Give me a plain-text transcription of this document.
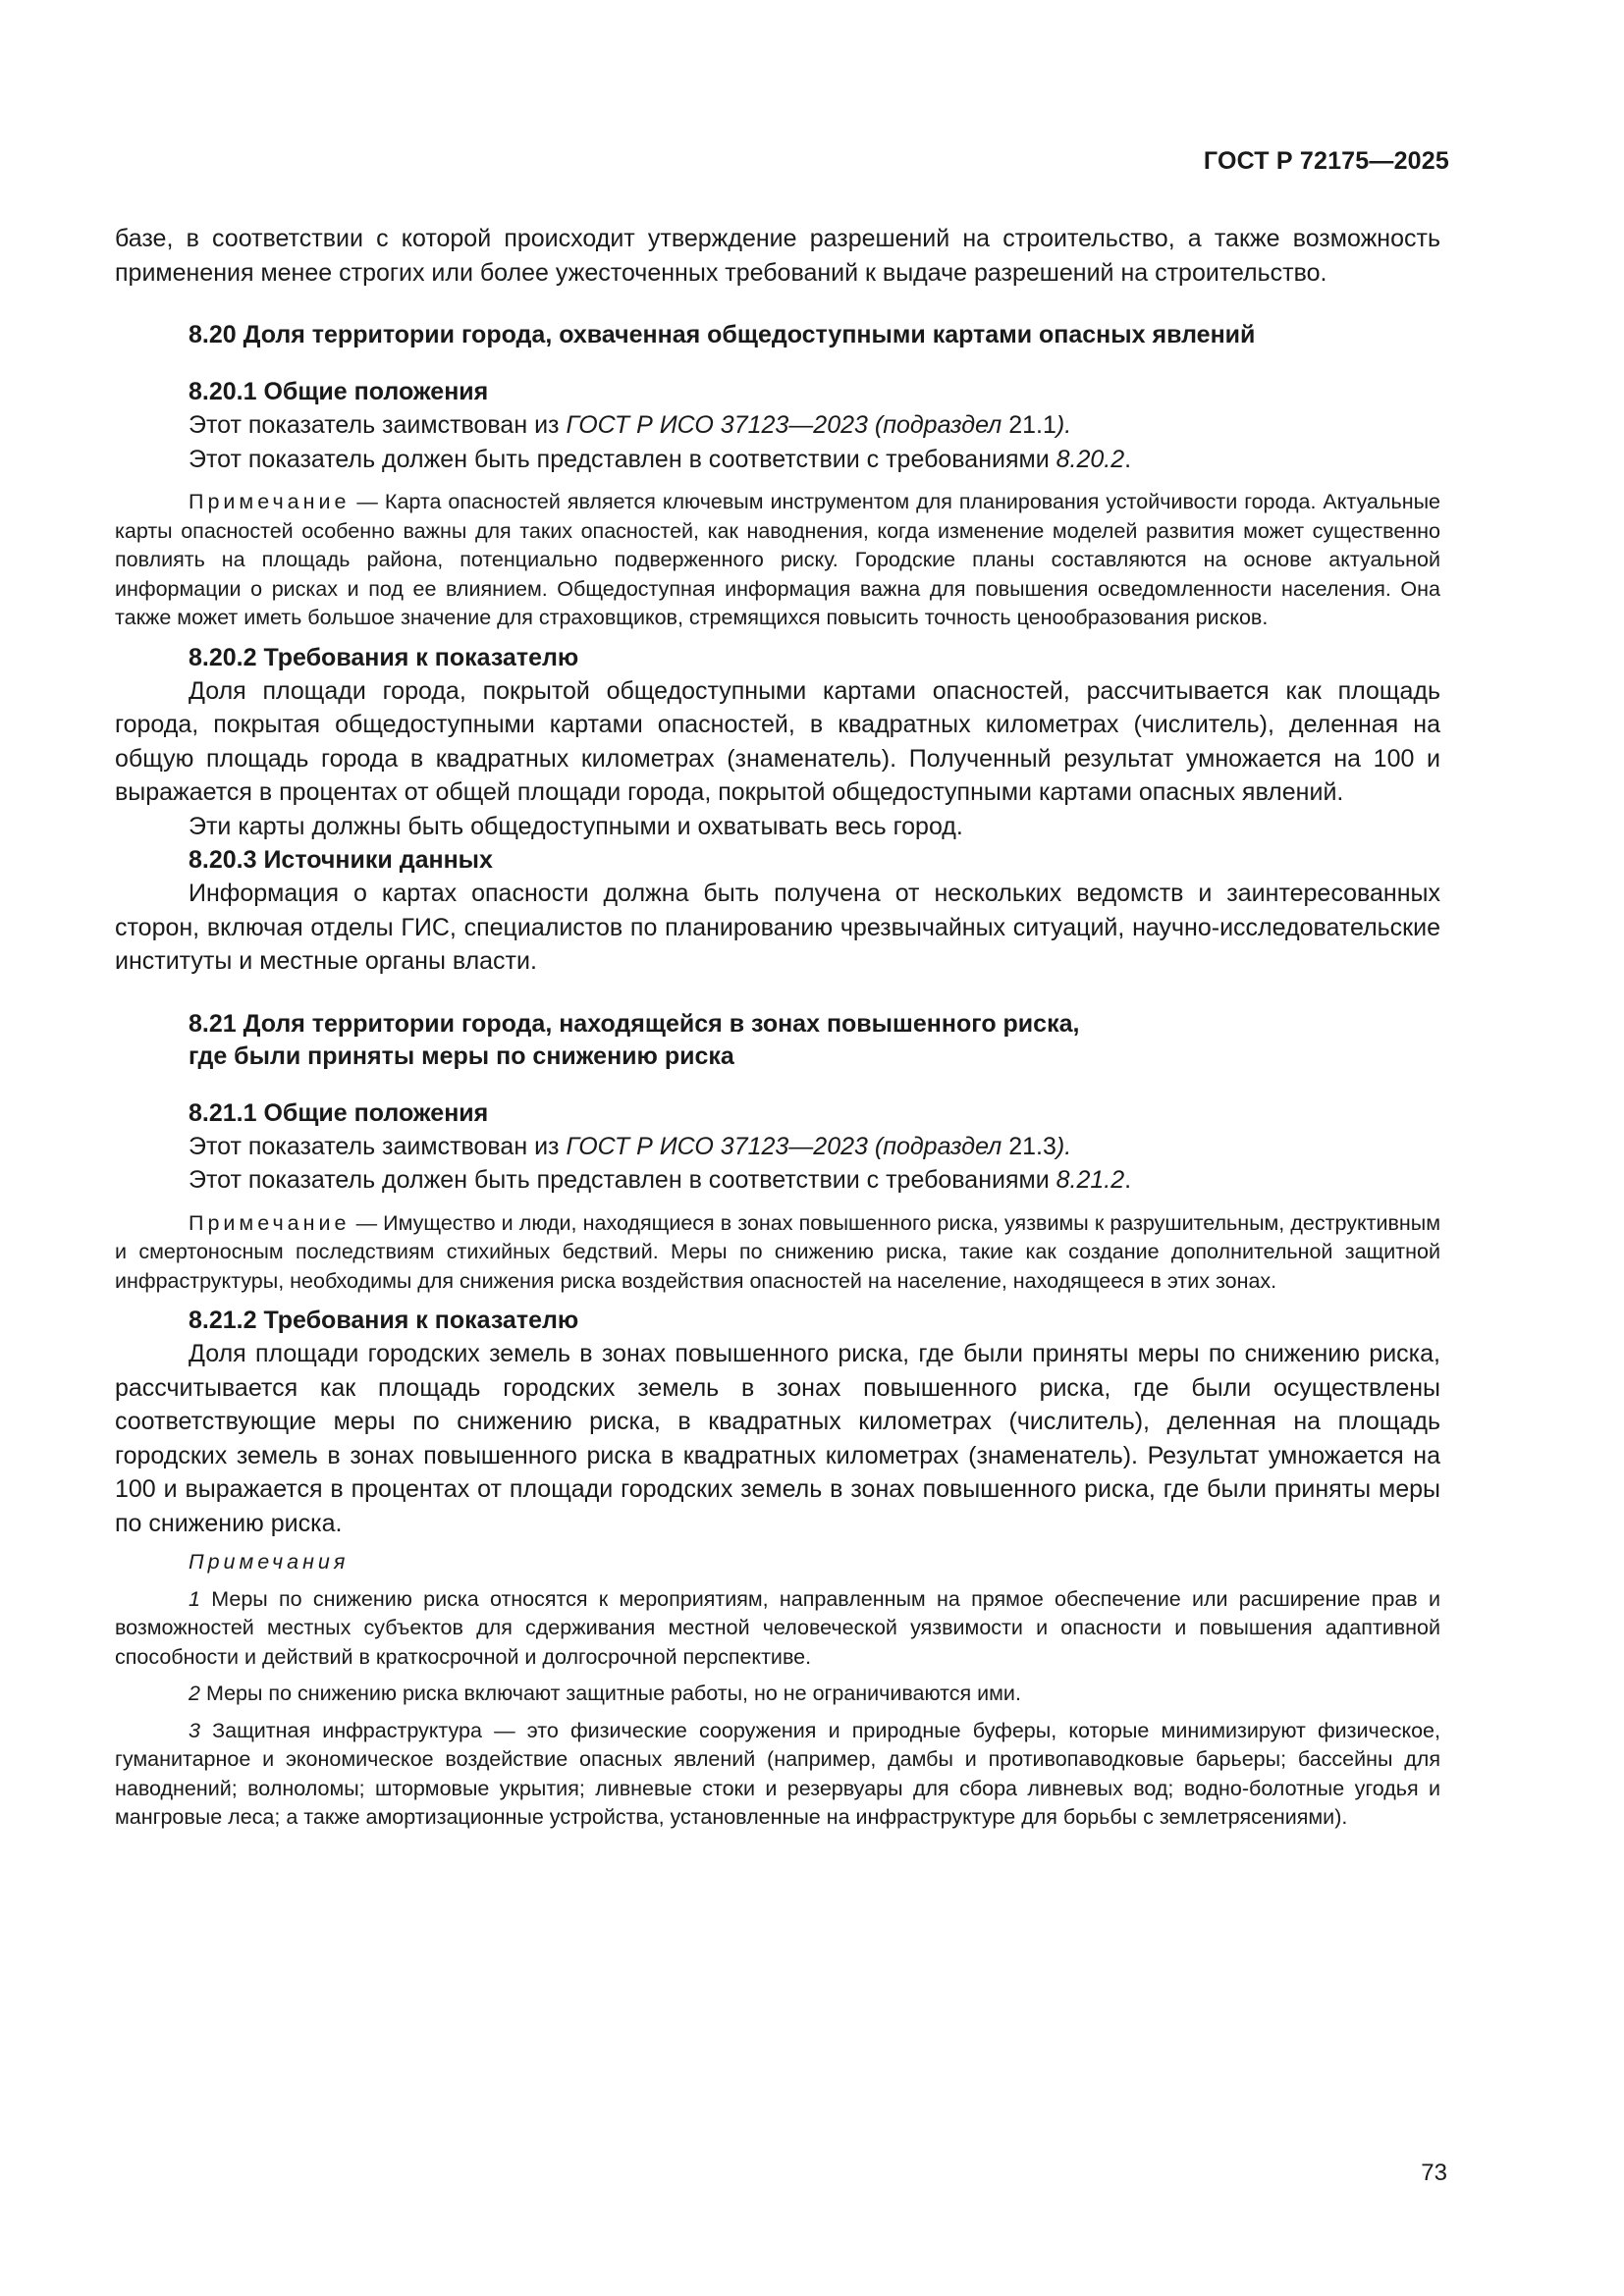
ГОСТ Р 72175—2025

базе, в соответствии с которой происходит утверждение разрешений на строительство, а также возможность применения менее строгих или более ужесточенных требований к выдаче разрешений на строительство.

8.20 Доля территории города, охваченная общедоступными картами опасных явлений

8.20.1 Общие положения

Этот показатель заимствован из ГОСТ Р ИСО 37123—2023 (подраздел 21.1).

Этот показатель должен быть представлен в соответствии с требованиями 8.20.2.

Примечание — Карта опасностей является ключевым инструментом для планирования устойчивости города. Актуальные карты опасностей особенно важны для таких опасностей, как наводнения, когда изменение моделей развития может существенно повлиять на площадь района, потенциально подверженного риску. Городские планы составляются на основе актуальной информации о рисках и под ее влиянием. Общедоступная информация важна для повышения осведомленности населения. Она также может иметь большое значение для страховщиков, стремящихся повысить точность ценообразования рисков.

8.20.2 Требования к показателю

Доля площади города, покрытой общедоступными картами опасностей, рассчитывается как площадь города, покрытая общедоступными картами опасностей, в квадратных километрах (числитель), деленная на общую площадь города в квадратных километрах (знаменатель). Полученный результат умножается на 100 и выражается в процентах от общей площади города, покрытой общедоступными картами опасных явлений.

Эти карты должны быть общедоступными и охватывать весь город.

8.20.3 Источники данных

Информация о картах опасности должна быть получена от нескольких ведомств и заинтересованных сторон, включая отделы ГИС, специалистов по планированию чрезвычайных ситуаций, научно-исследовательские институты и местные органы власти.

8.21 Доля территории города, находящейся в зонах повышенного риска,
где были приняты меры по снижению риска

8.21.1 Общие положения

Этот показатель заимствован из ГОСТ Р ИСО 37123—2023 (подраздел 21.3).

Этот показатель должен быть представлен в соответствии с требованиями 8.21.2.

Примечание — Имущество и люди, находящиеся в зонах повышенного риска, уязвимы к разрушительным, деструктивным и смертоносным последствиям стихийных бедствий. Меры по снижению риска, такие как создание дополнительной защитной инфраструктуры, необходимы для снижения риска воздействия опасностей на население, находящееся в этих зонах.

8.21.2 Требования к показателю

Доля площади городских земель в зонах повышенного риска, где были приняты меры по снижению риска, рассчитывается как площадь городских земель в зонах повышенного риска, где были осуществлены соответствующие меры по снижению риска, в квадратных километрах (числитель), деленная на площадь городских земель в зонах повышенного риска в квадратных километрах (знаменатель). Результат умножается на 100 и выражается в процентах от площади городских земель в зонах повышенного риска, где были приняты меры по снижению риска.

Примечания

1 Меры по снижению риска относятся к мероприятиям, направленным на прямое обеспечение или расширение прав и возможностей местных субъектов для сдерживания местной человеческой уязвимости и опасности и повышения адаптивной способности и действий в краткосрочной и долгосрочной перспективе.

2 Меры по снижению риска включают защитные работы, но не ограничиваются ими.

3 Защитная инфраструктура — это физические сооружения и природные буферы, которые минимизируют физическое, гуманитарное и экономическое воздействие опасных явлений (например, дамбы и противопаводковые барьеры; бассейны для наводнений; волноломы; штормовые укрытия; ливневые стоки и резервуары для сбора ливневых вод; водно-болотные угодья и мангровые леса; а также амортизационные устройства, установленные на инфраструктуре для борьбы с землетрясениями).

73
